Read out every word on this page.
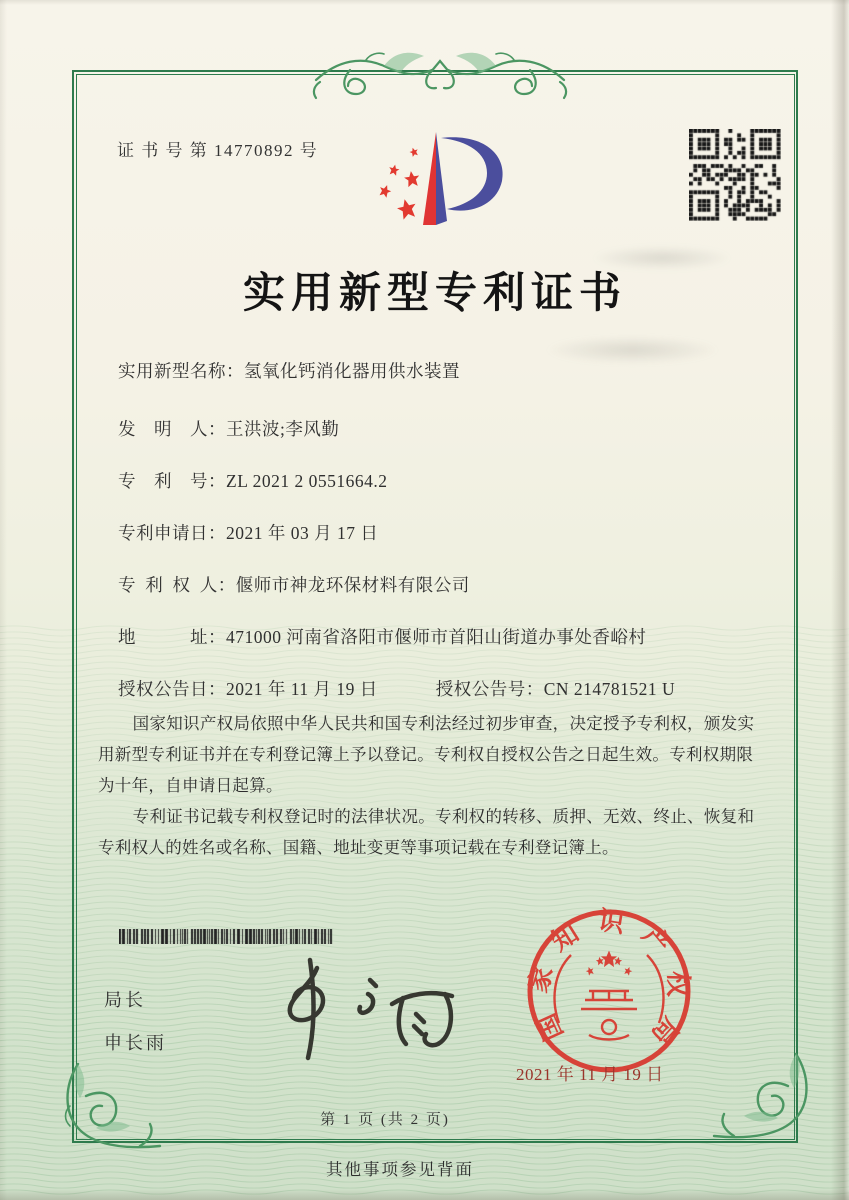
证 书 号 第 14770892 号
实用新型专利证书
实用新型名称：氢氧化钙消化器用供水装置
发　明　人：王洪波;李风勤
专　利　号：ZL 2021 2 0551664.2
专利申请日：2021 年 03 月 17 日
专 利 权 人：偃师市神龙环保材料有限公司
地　　　址：471000 河南省洛阳市偃师市首阳山街道办事处香峪村
授权公告日：2021 年 11 月 19 日	授权公告号：CN 214781521 U

国家知识产权局依照中华人民共和国专利法经过初步审查，决定授予专利权，颁发实用新型专利证书并在专利登记簿上予以登记。专利权自授权公告之日起生效。专利权期限为十年，自申请日起算。

专利证书记载专利权登记时的法律状况。专利权的转移、质押、无效、终止、恢复和专利权人的姓名或名称、国籍、地址变更等事项记载在专利登记簿上。

局长
申长雨	国家知识产权局
2021 年 11 月 19 日
第 1 页 (共 2 页)
其他事项参见背面
